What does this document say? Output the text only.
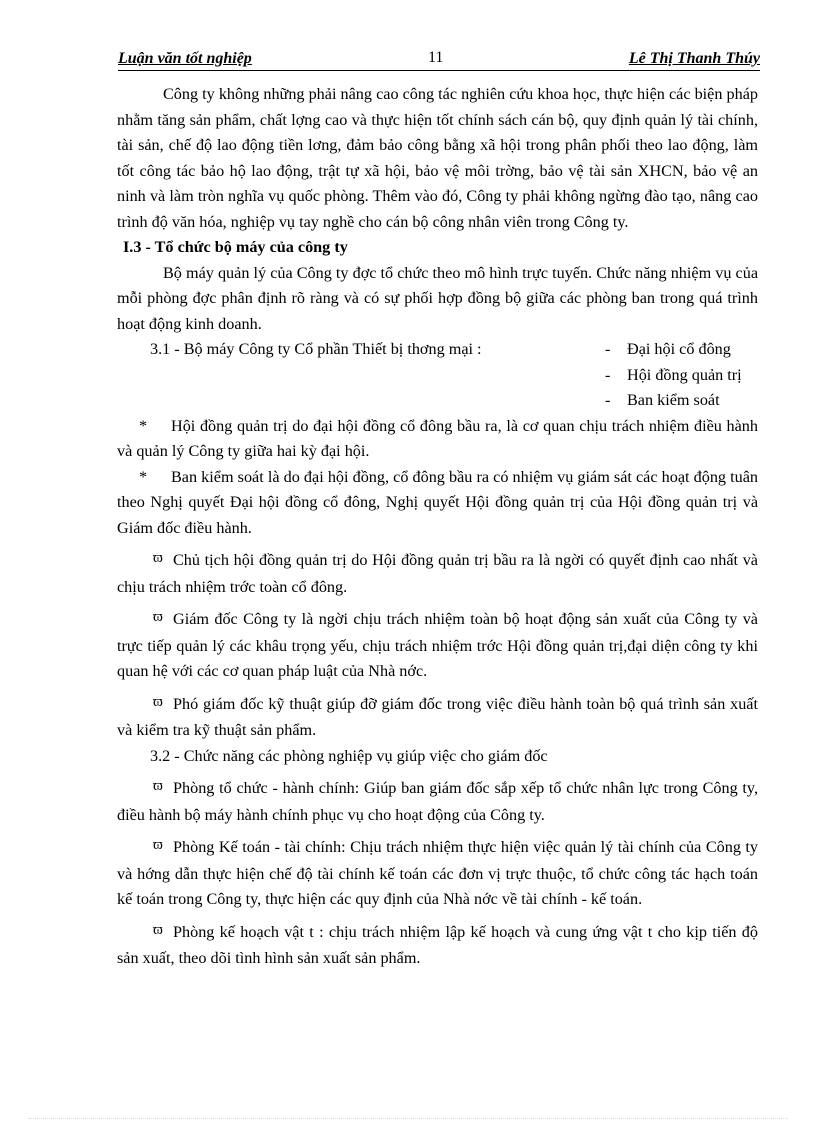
Luận văn tốt nghiệp	11	Lê Thị Thanh Thúy

Công ty không những phải nâng cao công tác nghiên cứu khoa học, thực hiện các biện pháp nhằm tăng sản phẩm, chất lợng cao và thực hiện tốt chính sách cán bộ, quy định quản lý tài chính, tài sản, chế độ lao động tiền lơng, đảm bảo công bằng xã hội trong phân phối theo lao động, làm tốt công tác bảo hộ lao động, trật tự xã hội, bảo vệ môi trờng, bảo vệ tài sản XHCN, bảo vệ an ninh và làm tròn nghĩa vụ quốc phòng. Thêm vào đó, Công ty phải không ngừng đào tạo, nâng cao trình độ văn hóa, nghiệp vụ tay nghề cho cán bộ công nhân viên trong Công ty.

I.3 - Tổ chức bộ máy của công ty

Bộ máy quản lý của Công ty đợc tổ chức theo mô hình trực tuyến. Chức năng nhiệm vụ của mỗi phòng đợc phân định rõ ràng và có sự phối hợp đồng bộ giữa các phòng ban trong quá trình hoạt động kinh doanh.

3.1 - Bộ máy Công ty Cổ phần Thiết bị thơng mại :	- Đại hội cổ đông
- Hội đồng quản trị
- Ban kiểm soát

* Hội đồng quản trị do đại hội đồng cổ đông bầu ra, là cơ quan chịu trách nhiệm điều hành và quản lý Công ty giữa hai kỳ đại hội.

* Ban kiểm soát là do đại hội đồng, cổ đông bầu ra có nhiệm vụ giám sát các hoạt động tuân theo Nghị quyết Đại hội đồng cổ đông, Nghị quyết Hội đồng quản trị của Hội đồng quản trị và Giám đốc điều hành.

ϖ Chủ tịch hội đồng quản trị do Hội đồng quản trị bầu ra là ngời có quyết định cao nhất và chịu trách nhiệm trớc toàn cổ đông.

ϖ Giám đốc Công ty là ngời chịu trách nhiệm toàn bộ hoạt động sản xuất của Công ty và trực tiếp quản lý các khâu trọng yếu, chịu trách nhiệm trớc Hội đồng quản trị,đại diện công ty khi quan hệ với các cơ quan pháp luật của Nhà nớc.

ϖ Phó giám đốc kỹ thuật giúp đỡ giám đốc trong việc điều hành toàn bộ quá trình sản xuất và kiểm tra kỹ thuật sản phẩm.

3.2 - Chức năng các phòng nghiệp vụ giúp việc cho giám đốc

ϖ Phòng tổ chức - hành chính: Giúp ban giám đốc sắp xếp tổ chức nhân lực trong Công ty, điều hành bộ máy hành chính phục vụ cho hoạt động của Công ty.

ϖ Phòng Kế toán - tài chính: Chịu trách nhiệm thực hiện việc quản lý tài chính của Công ty và hớng dẫn thực hiện chế độ tài chính kế toán các đơn vị trực thuộc, tổ chức công tác hạch toán kế toán trong Công ty, thực hiện các quy định của Nhà nớc về tài chính - kế toán.

ϖ Phòng kế hoạch vật t : chịu trách nhiệm lập kế hoạch và cung ứng vật t cho kịp tiến độ sản xuất, theo dõi tình hình sản xuất sản phẩm.
